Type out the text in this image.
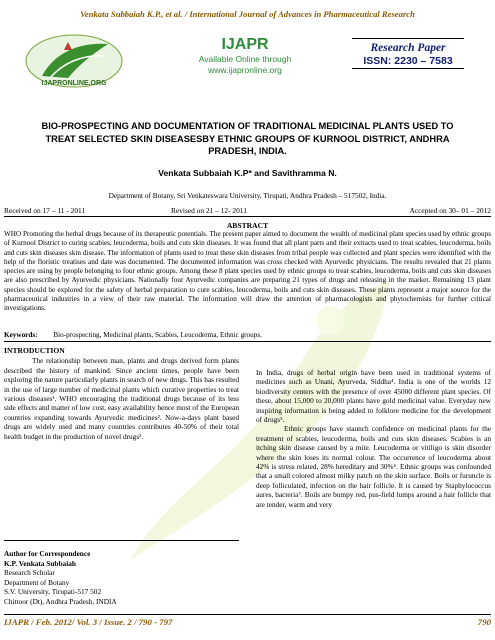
Venkata Subbaiah K.P., et al. / International Journal of Advances in Pharmaceutical Research
IJAPRONLINE.ORG
IJAPR
Available Online through
www.ijapronline.org
Research Paper
ISSN: 2230 – 7583
BIO-PROSPECTING AND DOCUMENTATION OF TRADITIONAL MEDICINAL PLANTS USED TO TREAT SELECTED SKIN DISEASESBY ETHNIC GROUPS OF KURNOOL DISTRICT, ANDHRA PRADESH, INDIA.
Venkata Subbaiah K.P* and Savithramma N.
Department of Botany, Sri Venkateswara University, Tirupati, Andhra Pradesh – 517502, India.
Received on 17 – 11 - 2011	Revised on 21 – 12- 2011	Accepted on 30– 01 – 2012
ABSTRACT
WHO Promoting the herbal drugs because of its therapeutic potentials. The present paper aimed to document the wealth of medicinal plant species used by ethnic groups of Kurnool District to curing scabies, leucoderma, boils and cuts skin diseases. It was found that all plant parts and their extracts used to treat scabies, leucoderma, boils and cuts skin diseases skin disease. The information of plants used to treat these skin diseases from tribal people was collected and plant species were identified with the help of the floristic treatises and date was documented. The documented information was cross checked with Ayurvedic physicians. The results revealed that 21 plants species are using by people belonging to four ethnic groups. Among these 8 plant species used by ethnic groups to treat scabies, leucoderma, boils and cuts skin diseases are also prescribed by Ayurvedic physicians. Nationally four Ayurvedic companies are preparing 21 types of drugs and releasing in the market. Remaining 13 plant species should be explored for the safety of herbal preparation to cure scabies, leucoderma, boils and cuts skin diseases. These plants represent a major source for the pharmaceutical industries in a view of their raw material. The information will draw the attention of pharmacologists and phytochemists for further critical investigations.
Keywords: Bio-prospecting, Medicinal plants, Scabies, Leucoderma, Ethnic groups.
INTRODUCTION

The relationship between man, plants and drugs derived form plants described the history of mankind. Since ancient times, people have been exploring the nature particularly plants in search of new drugs. This has resulted in the use of large number of medicinal plants which curative properties to treat various diseases¹. WHO encouraging the traditional drugs because of its less side effects and matter of low cost, easy availability hence most of the European countries expanding towards Ayurvedic medicines². Now-a-days plant based drugs are widely used and many countries contributes 40-50% of their total health budget in the production of novel drugs³.

In India, drugs of herbal origin have been used in traditional systems of medicines such as Unani, Ayurveda, Siddha⁴. India is one of the worlds 12 biodiversity centers with the presence of over 45000 different plant species. Of these, about 15,000 to 20,000 plants have gold medicinal value. Everyday new inspiring information is being added to folklore medicine for the development of drugs⁵.

Ethnic groups have staunch confidence on medicinal plants for the treatment of scabies, leucoderma, boils and cuts skin diseases. Scabies is an itching skin disease caused by a mite. Leucoderma or vitiligo is skin disorder where the skin loses its normal colour. The occurrence of leucoderma about 42% is stress related, 28% hereditary and 30%⁶. Ethnic groups was confounded that a small colored almost milky patch on the skin surface. Boils or furuncle is deep folliculated, infection on the hair follicle. It is caused by Staphylococcus aures, bacteria⁷. Boils are bumpy red, pus-field lumps around a hair follicle that are tender, warm and very

Author for Correspondence
K.P. Venkata Subbaiah
Research Scholar
Department of Botany
S.V. University, Tirupati-517 502
Chittoor (Dt), Andhra Pradesh, INDIA
IJAPR / Feb. 2012/ Vol. 3 / Issue. 2 / 790 - 797	790
